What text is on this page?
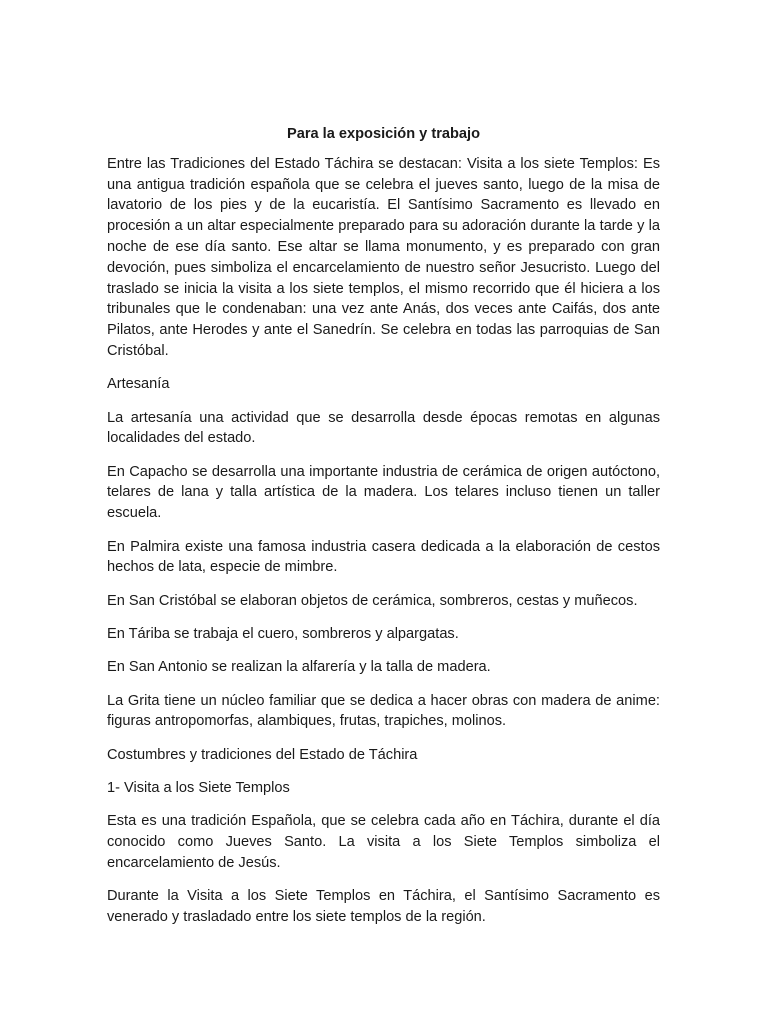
Para la exposición y trabajo
Entre las Tradiciones del Estado Táchira se destacan: Visita a los siete Templos: Es una antigua tradición española que se celebra el jueves santo, luego de la misa de lavatorio de los pies y de la eucaristía. El Santísimo Sacramento es llevado en procesión a un altar especialmente preparado para su adoración durante la tarde y la noche de ese día santo. Ese altar se llama monumento, y es preparado con gran devoción, pues simboliza el encarcelamiento de nuestro señor Jesucristo. Luego del traslado se inicia la visita a los siete templos, el mismo recorrido que él hiciera a los tribunales que le condenaban: una vez ante Anás, dos veces ante Caifás, dos ante Pilatos, ante Herodes y ante el Sanedrín. Se celebra en todas las parroquias de San Cristóbal.
Artesanía
La artesanía una actividad que se desarrolla desde épocas remotas en algunas localidades del estado.
En Capacho se desarrolla una importante industria de cerámica de origen autóctono, telares de lana y talla artística de la madera. Los telares incluso tienen un taller escuela.
En Palmira existe una famosa industria casera dedicada a la elaboración de cestos hechos de lata, especie de mimbre.
En San Cristóbal se elaboran objetos de cerámica, sombreros, cestas y muñecos.
En Táriba se trabaja el cuero, sombreros y alpargatas.
En San Antonio se realizan la alfarería y la talla de madera.
La Grita tiene un núcleo familiar que se dedica a hacer obras con madera de anime: figuras antropomorfas, alambiques, frutas, trapiches, molinos.
Costumbres y tradiciones del Estado de Táchira
1- Visita a los Siete Templos
Esta es una tradición Española, que se celebra cada año en Táchira, durante el día conocido como Jueves Santo. La visita a los Siete Templos simboliza el encarcelamiento de Jesús.
Durante la Visita a los Siete Templos en Táchira, el Santísimo Sacramento es venerado y trasladado entre los siete templos de la región.
